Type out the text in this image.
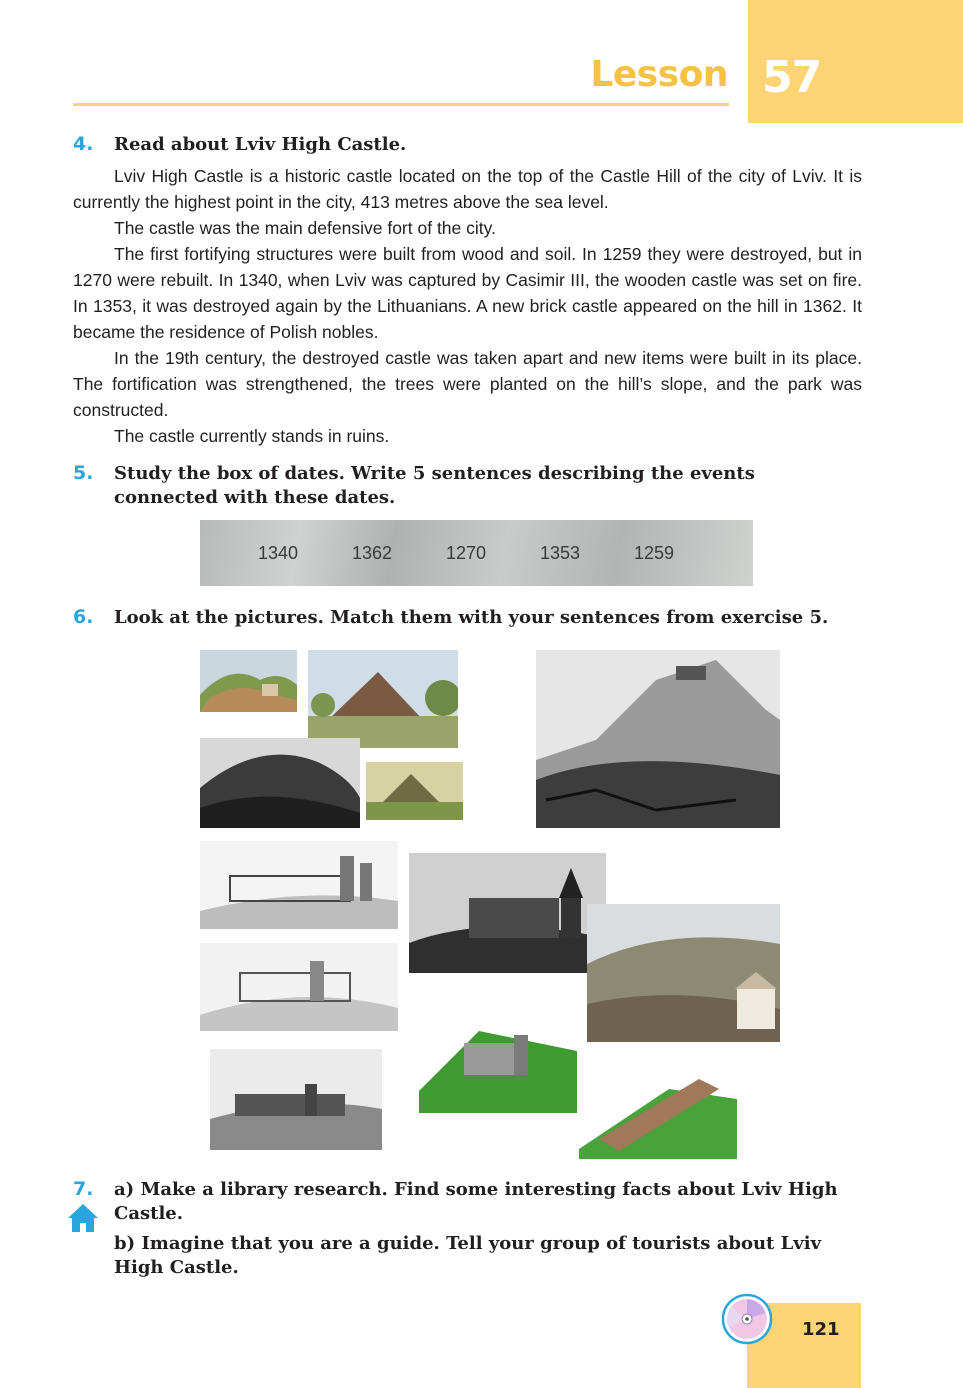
Lesson 57
4. Read about Lviv High Castle.

Lviv High Castle is a historic castle located on the top of the Castle Hill of the city of Lviv. It is currently the highest point in the city, 413 metres above the sea level.

The castle was the main defensive fort of the city.

The first fortifying structures were built from wood and soil. In 1259 they were destroyed, but in 1270 were rebuilt. In 1340, when Lviv was captured by Casimir III, the wooden castle was set on fire. In 1353, it was destroyed again by the Lithuanians. A new brick castle appeared on the hill in 1362. It became the residence of Polish nobles.

In the 19th century, the destroyed castle was taken apart and new items were built in its place. The fortification was strengthened, the trees were planted on the hill’s slope, and the park was constructed.

The castle currently stands in ruins.

5. Study the box of dates. Write 5 sentences describing the events connected with these dates.
1340	1362	1270	1353	1259
6. Look at the pictures. Match them with your sentences from exercise 5.
7. a) Make a library research. Find some interesting facts about Lviv High Castle.
b) Imagine that you are a guide. Tell your group of tourists about Lviv High Castle.
121
